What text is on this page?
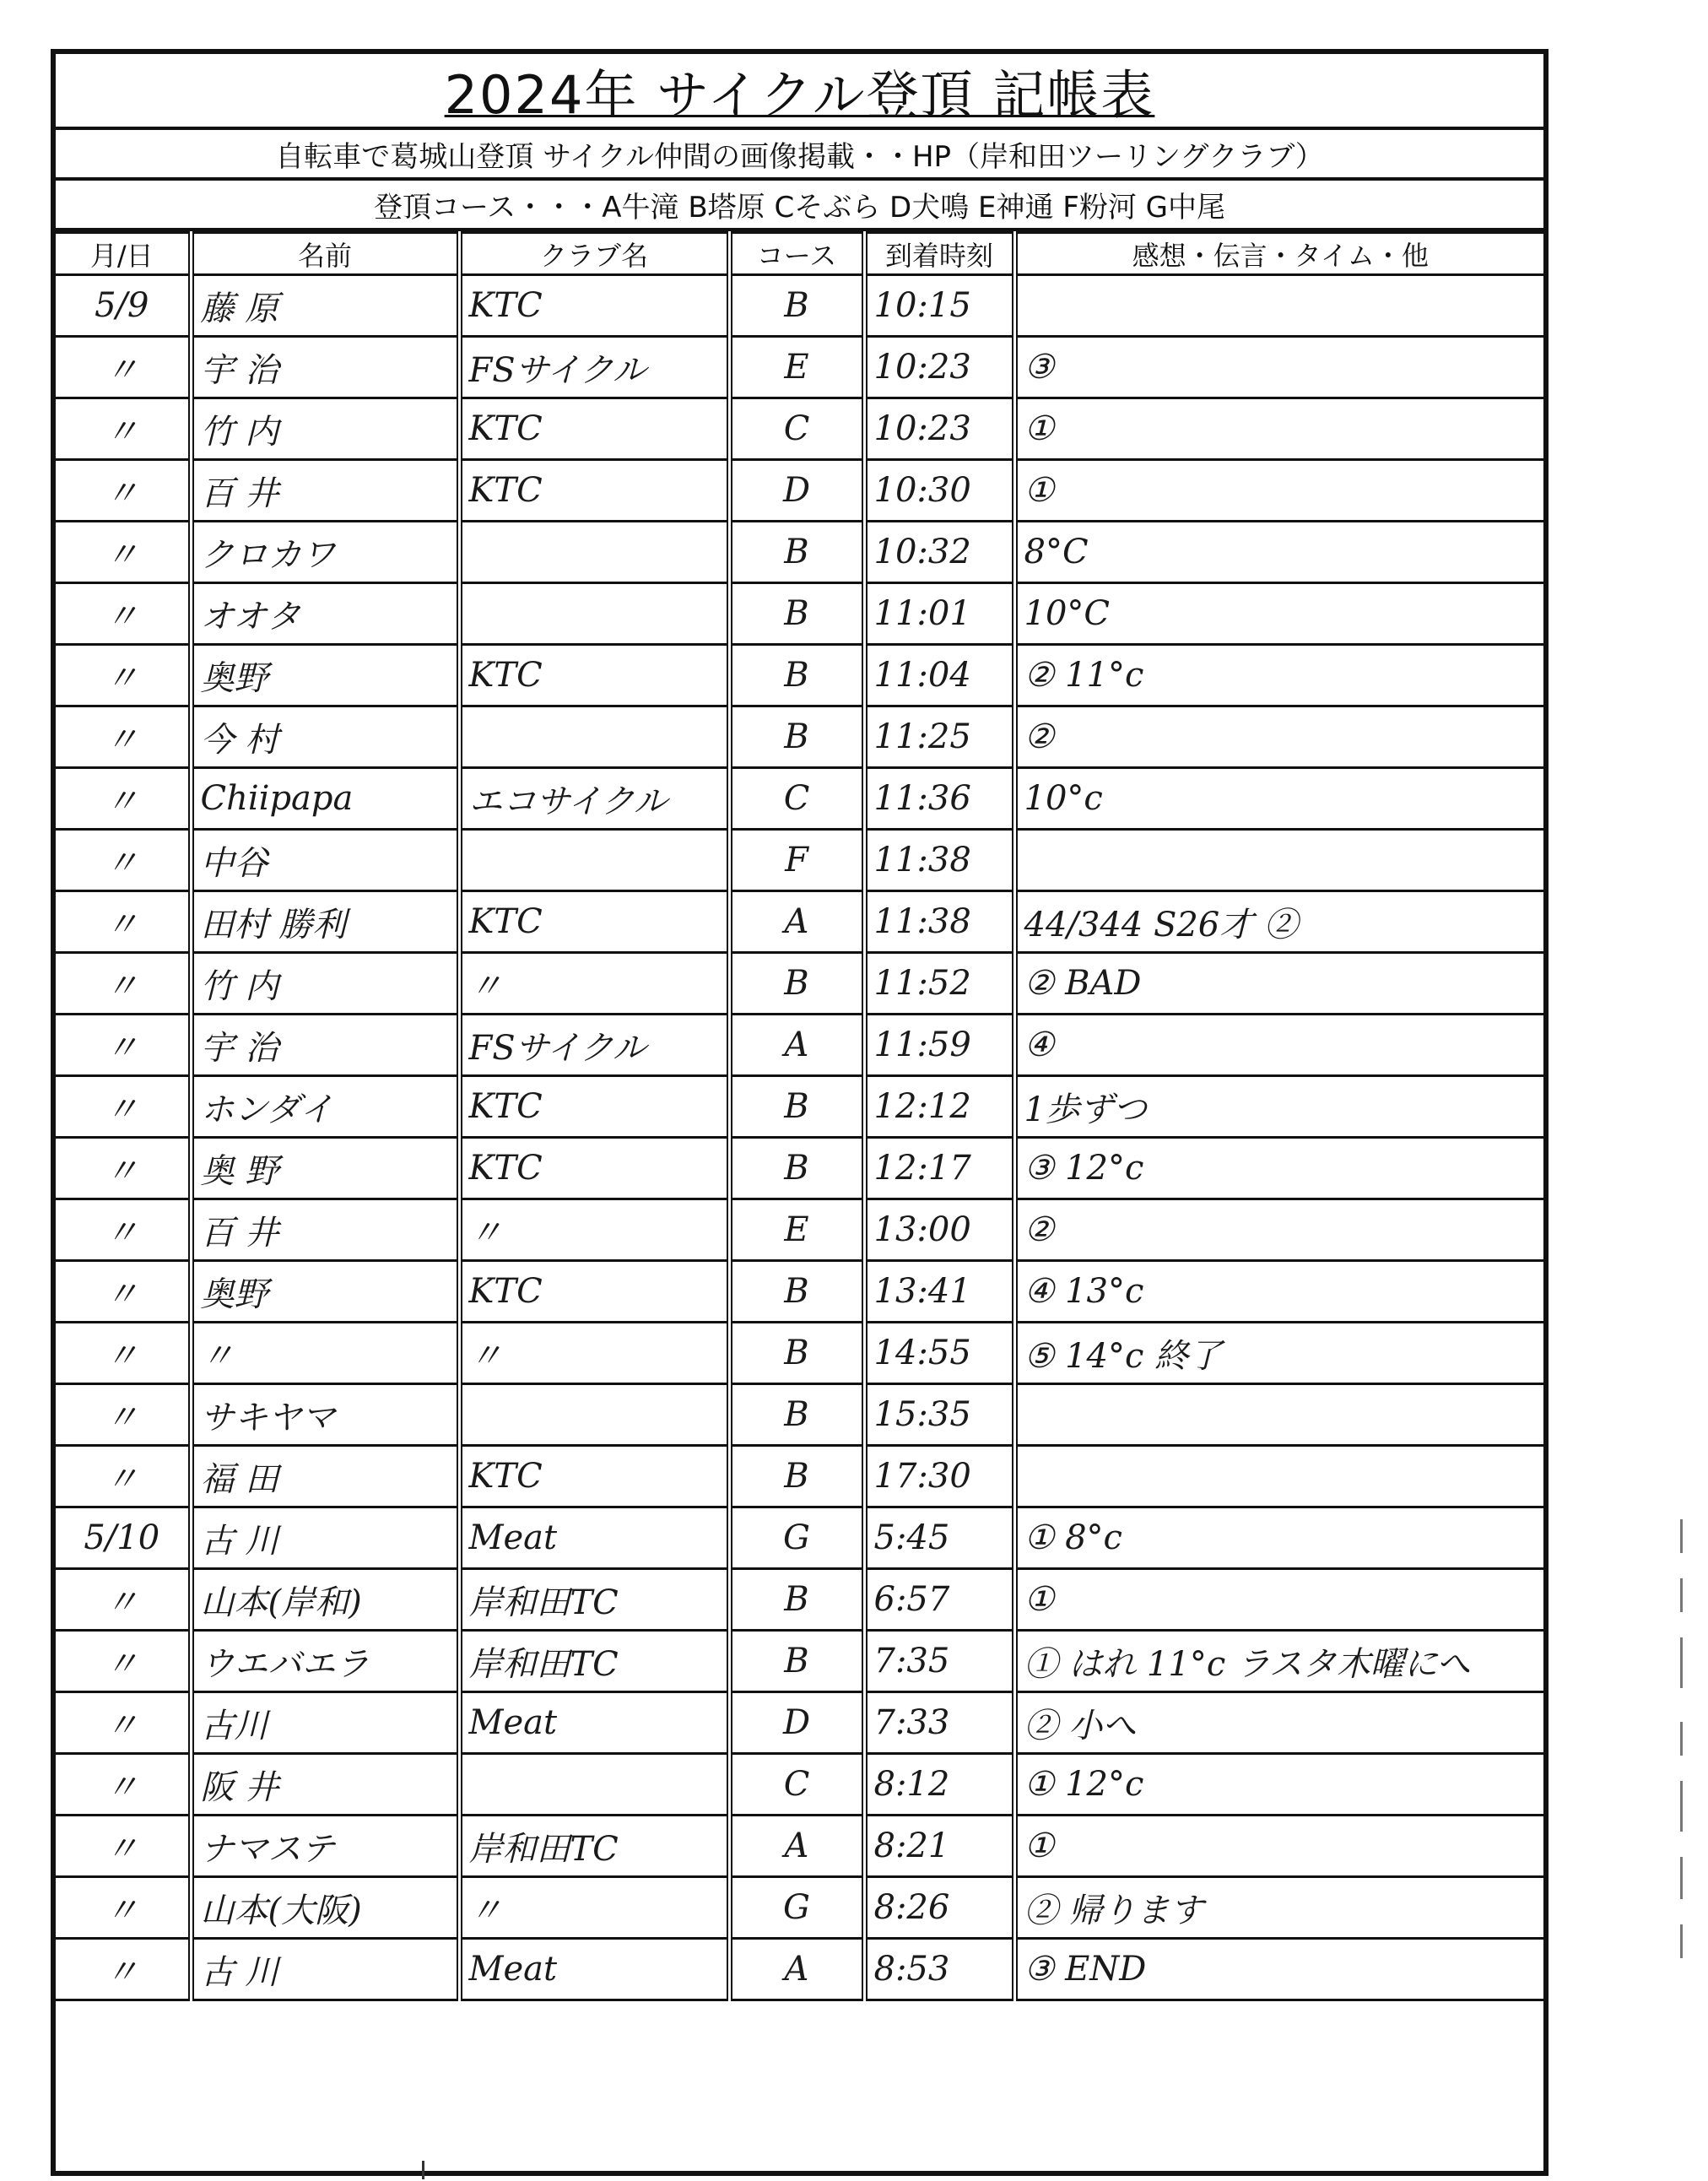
2024年 サイクル登頂 記帳表
自転車で葛城山登頂 サイクル仲間の画像掲載・・HP（岸和田ツーリングクラブ）
登頂コース・・・A牛滝 B塔原 Cそぶら D犬鳴 E神通 F粉河 G中尾
月/日	名前	クラブ名	コース	到着時刻	感想・伝言・タイム・他
5/9	藤 原	KTC	B	10:15	
〃	宇 治	FSサイクル	E	10:23	③
〃	竹 内	KTC	C	10:23	①
〃	百 井	KTC	D	10:30	①
〃	クロカワ		B	10:32	8°C
〃	オオタ		B	11:01	10°C
〃	奥野	KTC	B	11:04	② 11°c
〃	今 村		B	11:25	②
〃	Chiipapa	エコサイクル	C	11:36	10°c
〃	中谷		F	11:38	
〃	田村 勝利	KTC	A	11:38	44/344 S26才 ②
〃	竹 内	〃	B	11:52	② BAD
〃	宇 治	FSサイクル	A	11:59	④
〃	ホンダイ	KTC	B	12:12	1歩ずつ
〃	奥 野	KTC	B	12:17	③ 12°c
〃	百 井	〃	E	13:00	②
〃	奥野	KTC	B	13:41	④ 13°c
〃	〃	〃	B	14:55	⑤ 14°c 終了
〃	サキヤマ		B	15:35	
〃	福 田	KTC	B	17:30	
5/10	古 川	Meat	G	5:45	① 8°c
〃	山本(岸和)	岸和田TC	B	6:57	①
〃	ウエバエラ	岸和田TC	B	7:35	① はれ 11°c ラスタ木曜にへ
〃	古川	Meat	D	7:33	② 小へ
〃	阪 井		C	8:12	① 12°c
〃	ナマステ	岸和田TC	A	8:21	①
〃	山本(大阪)	〃	G	8:26	② 帰ります
〃	古 川	Meat	A	8:53	③ END
